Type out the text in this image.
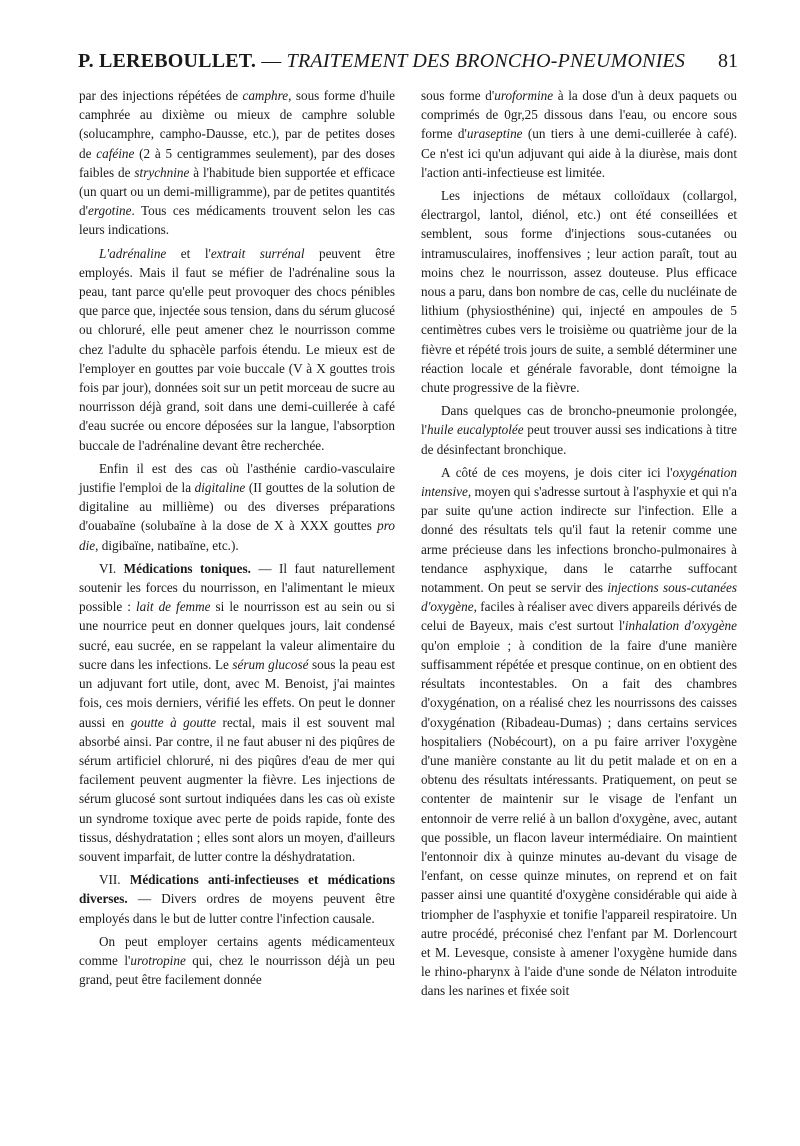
P. LEREBOULLET. — TRAITEMENT DES BRONCHO-PNEUMONIES 81

par des injections répétées de camphre, sous forme d'huile camphrée au dixième ou mieux de camphre soluble (solucamphre, campho-Dausse, etc.), par de petites doses de caféine (2 à 5 centigrammes seulement), par des doses faibles de strychnine à l'habitude bien supportée et efficace (un quart ou un demi-milligramme), par de petites quantités d'ergotine. Tous ces médicaments trouvent selon les cas leurs indications.

L'adrénaline et l'extrait surrénal peuvent être employés. Mais il faut se méfier de l'adrénaline sous la peau, tant parce qu'elle peut provoquer des chocs pénibles que parce que, injectée sous tension, dans du sérum glucosé ou chloruré, elle peut amener chez le nourrisson comme chez l'adulte du sphacèle parfois étendu. Le mieux est de l'employer en gouttes par voie buccale (V à X gouttes trois fois par jour), données soit sur un petit morceau de sucre au nourrisson déjà grand, soit dans une demi-cuillerée à café d'eau sucrée ou encore déposées sur la langue, l'absorption buccale de l'adrénaline devant être recherchée.

Enfin il est des cas où l'asthénie cardio-vasculaire justifie l'emploi de la digitaline (II gouttes de la solution de digitaline au millième) ou des diverses préparations d'ouabaïne (solubaïne à la dose de X à XXX gouttes pro die, digibaïne, natibaïne, etc.).

VI. Médications toniques. — Il faut naturellement soutenir les forces du nourrisson, en l'alimentant le mieux possible : lait de femme si le nourrisson est au sein ou si une nourrice peut en donner quelques jours, lait condensé sucré, eau sucrée, en se rappelant la valeur alimentaire du sucre dans les infections. Le sérum glucosé sous la peau est un adjuvant fort utile, dont, avec M. Benoist, j'ai maintes fois, ces mois derniers, vérifié les effets. On peut le donner aussi en goutte à goutte rectal, mais il est souvent mal absorbé ainsi. Par contre, il ne faut abuser ni des piqûres de sérum artificiel chloruré, ni des piqûres d'eau de mer qui facilement peuvent augmenter la fièvre. Les injections de sérum glucosé sont surtout indiquées dans les cas où existe un syndrome toxique avec perte de poids rapide, fonte des tissus, déshydratation ; elles sont alors un moyen, d'ailleurs souvent imparfait, de lutter contre la déshydratation.

VII. Médications anti-infectieuses et médications diverses. — Divers ordres de moyens peuvent être employés dans le but de lutter contre l'infection causale.

On peut employer certains agents médicamenteux comme l'urotropine qui, chez le nourrisson déjà un peu grand, peut être facilement donnée

sous forme d'uroformine à la dose d'un à deux paquets ou comprimés de 0gr,25 dissous dans l'eau, ou encore sous forme d'uraseptine (un tiers à une demi-cuillerée à café). Ce n'est ici qu'un adjuvant qui aide à la diurèse, mais dont l'action anti-infectieuse est limitée.

Les injections de métaux colloïdaux (collargol, électrargol, lantol, diénol, etc.) ont été conseillées et semblent, sous forme d'injections sous-cutanées ou intramusculaires, inoffensives ; leur action paraît, tout au moins chez le nourrisson, assez douteuse. Plus efficace nous a paru, dans bon nombre de cas, celle du nucléinate de lithium (physiosthénine) qui, injecté en ampoules de 5 centimètres cubes vers le troisième ou quatrième jour de la fièvre et répété trois jours de suite, a semblé déterminer une réaction locale et générale favorable, dont témoigne la chute progressive de la fièvre.

Dans quelques cas de broncho-pneumonie prolongée, l'huile eucalyptolée peut trouver aussi ses indications à titre de désinfectant bronchique.

A côté de ces moyens, je dois citer ici l'oxygénation intensive, moyen qui s'adresse surtout à l'asphyxie et qui n'a par suite qu'une action indirecte sur l'infection. Elle a donné des résultats tels qu'il faut la retenir comme une arme précieuse dans les infections broncho-pulmonaires à tendance asphyxique, dans le catarrhe suffocant notamment. On peut se servir des injections sous-cutanées d'oxygène, faciles à réaliser avec divers appareils dérivés de celui de Bayeux, mais c'est surtout l'inhalation d'oxygène qu'on emploie ; à condition de la faire d'une manière suffisamment répétée et presque continue, on en obtient des résultats incontestables. On a fait des chambres d'oxygénation, on a réalisé chez les nourrissons des caisses d'oxygénation (Ribadeau-Dumas) ; dans certains services hospitaliers (Nobécourt), on a pu faire arriver l'oxygène d'une manière constante au lit du petit malade et on en a obtenu des résultats intéressants. Pratiquement, on peut se contenter de maintenir sur le visage de l'enfant un entonnoir de verre relié à un ballon d'oxygène, avec, autant que possible, un flacon laveur intermédiaire. On maintient l'entonnoir dix à quinze minutes au-devant du visage de l'enfant, on cesse quinze minutes, on reprend et on fait passer ainsi une quantité d'oxygène considérable qui aide à triompher de l'asphyxie et tonifie l'appareil respiratoire. Un autre procédé, préconisé chez l'enfant par M. Dorlencourt et M. Levesque, consiste à amener l'oxygène humide dans le rhino-pharynx à l'aide d'une sonde de Nélaton introduite dans les narines et fixée soit
